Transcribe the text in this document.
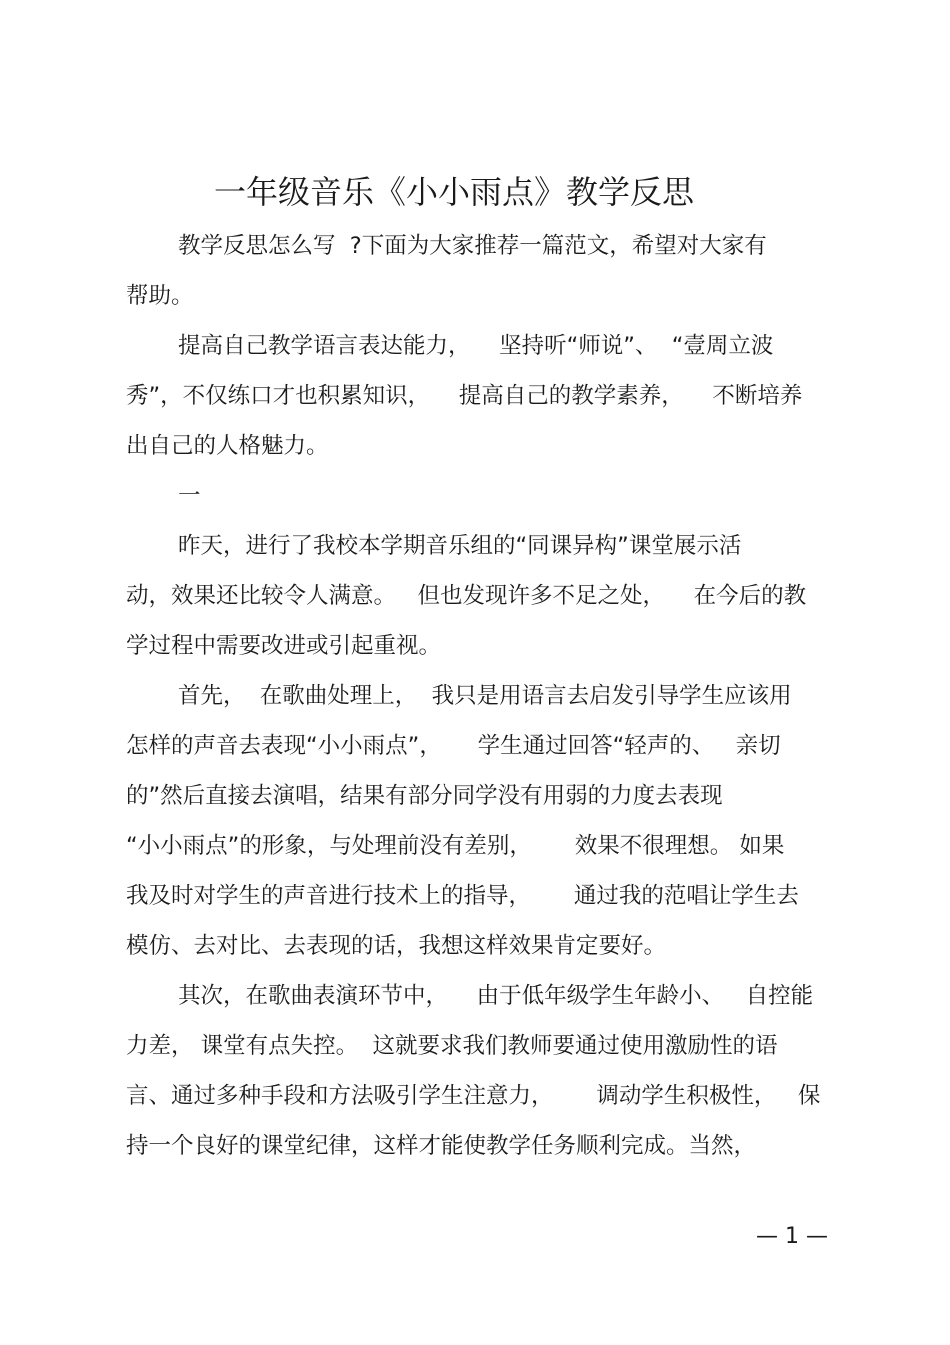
一年级音乐《小小雨点》教学反思

教学反思怎么写  ?下面为大家推荐一篇范文，希望对大家有

帮助。

提高自己教学语言表达能力，    坚持听“师说”、  “壹周立波

秀”，不仅练口才也积累知识，    提高自己的教学素养，    不断培养

出自己的人格魅力。

一

昨天，进行了我校本学期音乐组的“同课异构”课堂展示活

动，效果还比较令人满意。   但也发现许多不足之处，    在今后的教

学过程中需要改进或引起重视。

首先，  在歌曲处理上，  我只是用语言去启发引导学生应该用

怎样的声音去表现“小小雨点”，     学生通过回答“轻声的、   亲切

的”然后直接去演唱，结果有部分同学没有用弱的力度去表现

“小小雨点”的形象，与处理前没有差别，      效果不很理想。 如果

我及时对学生的声音进行技术上的指导，      通过我的范唱让学生去

模仿、去对比、去表现的话，我想这样效果肯定要好。

其次，在歌曲表演环节中，    由于低年级学生年龄小、   自控能

力差， 课堂有点失控。  这就要求我们教师要通过使用激励性的语

言、通过多种手段和方法吸引学生注意力，      调动学生积极性，   保

持一个良好的课堂纪律，这样才能使教学任务顺利完成。当然，

— 1 —
